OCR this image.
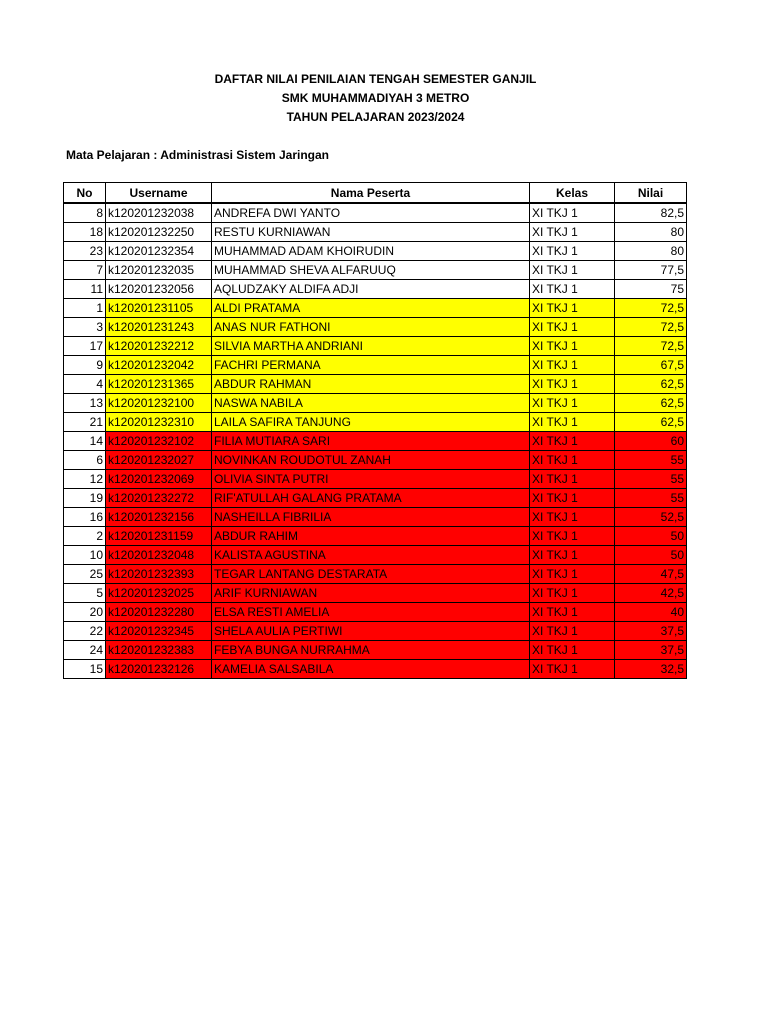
DAFTAR NILAI PENILAIAN TENGAH SEMESTER GANJIL
SMK MUHAMMADIYAH 3 METRO
TAHUN PELAJARAN 2023/2024
Mata Pelajaran : Administrasi Sistem Jaringan
No	Username	Nama Peserta	Kelas	Nilai
8	k120201232038	ANDREFA DWI YANTO	XI TKJ 1	82,5
18	k120201232250	RESTU KURNIAWAN	XI TKJ 1	80
23	k120201232354	MUHAMMAD ADAM KHOIRUDIN	XI TKJ 1	80
7	k120201232035	MUHAMMAD SHEVA ALFARUUQ	XI TKJ 1	77,5
11	k120201232056	AQLUDZAKY ALDIFA ADJI	XI TKJ 1	75
1	k120201231105	ALDI PRATAMA	XI TKJ 1	72,5
3	k120201231243	ANAS NUR FATHONI	XI TKJ 1	72,5
17	k120201232212	SILVIA MARTHA ANDRIANI	XI TKJ 1	72,5
9	k120201232042	FACHRI PERMANA	XI TKJ 1	67,5
4	k120201231365	ABDUR RAHMAN	XI TKJ 1	62,5
13	k120201232100	NASWA NABILA	XI TKJ 1	62,5
21	k120201232310	LAILA SAFIRA TANJUNG	XI TKJ 1	62,5
14	k120201232102	FILIA MUTIARA SARI	XI TKJ 1	60
6	k120201232027	NOVINKAN ROUDOTUL ZANAH	XI TKJ 1	55
12	k120201232069	OLIVIA SINTA PUTRI	XI TKJ 1	55
19	k120201232272	RIF'ATULLAH GALANG PRATAMA	XI TKJ 1	55
16	k120201232156	NASHEILLA FIBRILIA	XI TKJ 1	52,5
2	k120201231159	ABDUR RAHIM	XI TKJ 1	50
10	k120201232048	KALISTA AGUSTINA	XI TKJ 1	50
25	k120201232393	TEGAR LANTANG DESTARATA	XI TKJ 1	47,5
5	k120201232025	ARIF KURNIAWAN	XI TKJ 1	42,5
20	k120201232280	ELSA RESTI AMELIA	XI TKJ 1	40
22	k120201232345	SHELA AULIA PERTIWI	XI TKJ 1	37,5
24	k120201232383	FEBYA BUNGA NURRAHMA	XI TKJ 1	37,5
15	k120201232126	KAMELIA SALSABILA	XI TKJ 1	32,5
